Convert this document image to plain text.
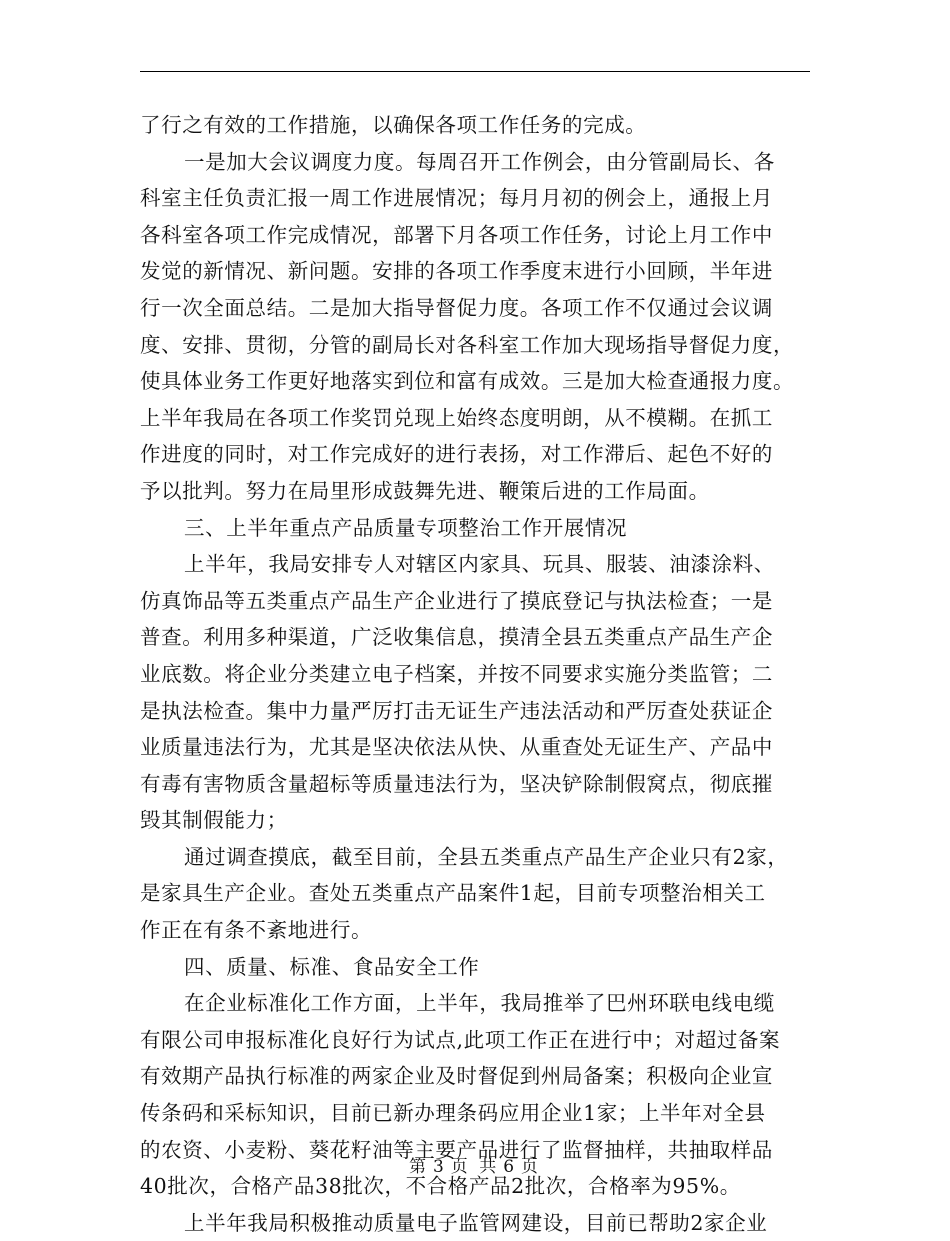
了行之有效的工作措施，以确保各项工作任务的完成。
一是加大会议调度力度。每周召开工作例会，由分管副局长、各
科室主任负责汇报一周工作进展情况；每月月初的例会上，通报上月
各科室各项工作完成情况，部署下月各项工作任务，讨论上月工作中
发觉的新情况、新问题。安排的各项工作季度末进行小回顾，半年进
行一次全面总结。二是加大指导督促力度。各项工作不仅通过会议调
度、安排、贯彻，分管的副局长对各科室工作加大现场指导督促力度，
使具体业务工作更好地落实到位和富有成效。三是加大检查通报力度。
上半年我局在各项工作奖罚兑现上始终态度明朗，从不模糊。在抓工
作进度的同时，对工作完成好的进行表扬，对工作滞后、起色不好的
予以批判。努力在局里形成鼓舞先进、鞭策后进的工作局面。
三、上半年重点产品质量专项整治工作开展情况
上半年，我局安排专人对辖区内家具、玩具、服装、油漆涂料、
仿真饰品等五类重点产品生产企业进行了摸底登记与执法检查；一是
普查。利用多种渠道，广泛收集信息，摸清全县五类重点产品生产企
业底数。将企业分类建立电子档案，并按不同要求实施分类监管；二
是执法检查。集中力量严厉打击无证生产违法活动和严厉查处获证企
业质量违法行为，尤其是坚决依法从快、从重查处无证生产、产品中
有毒有害物质含量超标等质量违法行为，坚决铲除制假窝点，彻底摧
毁其制假能力；
通过调查摸底，截至目前，全县五类重点产品生产企业只有2家，
是家具生产企业。查处五类重点产品案件1起，目前专项整治相关工
作正在有条不紊地进行。
四、质量、标准、食品安全工作
在企业标准化工作方面，上半年，我局推举了巴州环联电线电缆
有限公司申报标准化良好行为试点,此项工作正在进行中；对超过备案
有效期产品执行标准的两家企业及时督促到州局备案；积极向企业宣
传条码和采标知识，目前已新办理条码应用企业1家；上半年对全县
的农资、小麦粉、葵花籽油等主要产品进行了监督抽样，共抽取样品
40批次，合格产品38批次，不合格产品2批次，合格率为95%。
上半年我局积极推动质量电子监管网建设，目前已帮助2家企业
第 3 页 共 6 页
